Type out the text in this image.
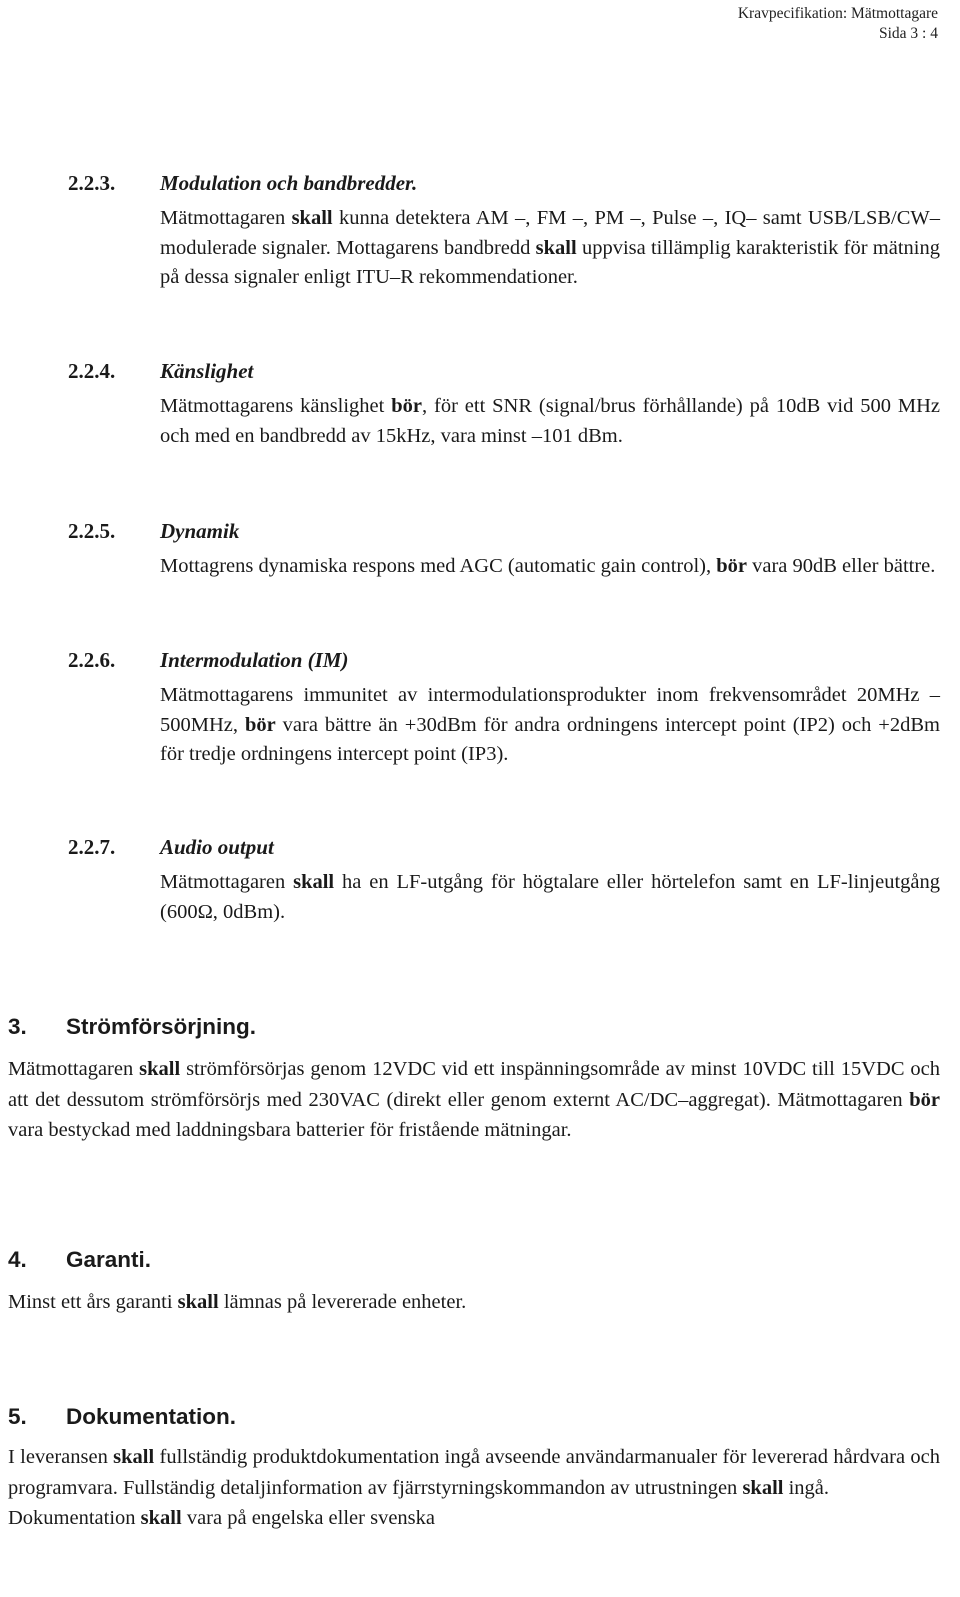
Kravpecifikation: Mätmottagare
Sida 3 : 4
2.2.3. Modulation och bandbredder.
Mätmottagaren skall kunna detektera AM –, FM –, PM –, Pulse –, IQ– samt USB/LSB/CW– modulerade signaler. Mottagarens bandbredd skall uppvisa tillämplig karakteristik för mätning på dessa signaler enligt ITU–R rekommendationer.
2.2.4. Känslighet
Mätmottagarens känslighet bör, för ett SNR (signal/brus förhållande) på 10dB vid 500 MHz och med en bandbredd av 15kHz, vara minst –101 dBm.
2.2.5. Dynamik
Mottagrens dynamiska respons med AGC (automatic gain control), bör vara 90dB eller bättre.
2.2.6. Intermodulation (IM)
Mätmottagarens immunitet av intermodulationsprodukter inom frekvensområdet 20MHz – 500MHz, bör vara bättre än +30dBm för andra ordningens intercept point (IP2) och +2dBm för tredje ordningens intercept point (IP3).
2.2.7. Audio output
Mätmottagaren skall ha en LF-utgång för högtalare eller hörtelefon samt en LF-linjeutgång (600Ω, 0dBm).
3. Strömförsörjning.
Mätmottagaren skall strömförsörjas genom 12VDC vid ett inspänningsområde av minst 10VDC till 15VDC och att det dessutom strömförsörjs med 230VAC (direkt eller genom externt AC/DC–aggregat). Mätmottagaren bör vara bestyckad med laddningsbara batterier för fristående mätningar.
4. Garanti.
Minst ett års garanti skall lämnas på levererade enheter.
5. Dokumentation.
I leveransen skall fullständig produktdokumentation ingå avseende användarmanualer för levererad hårdvara och programvara. Fullständig detaljinformation av fjärrstyrningskommandon av utrustningen skall ingå.
Dokumentation skall vara på engelska eller svenska
